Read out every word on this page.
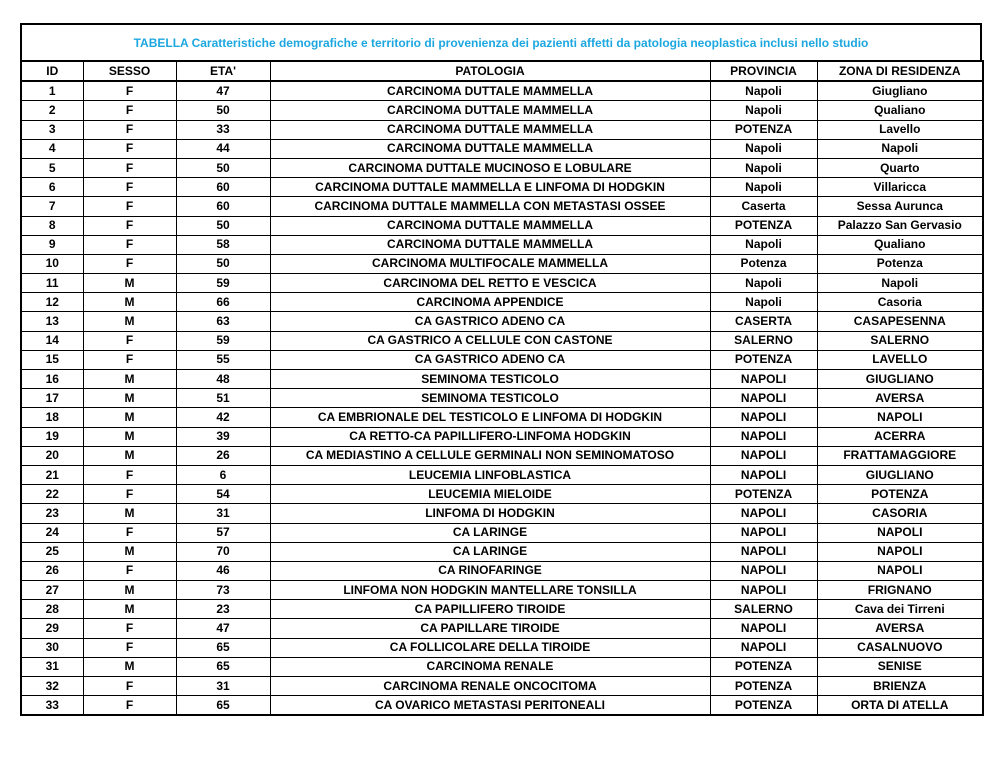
TABELLA Caratteristiche demografiche e territorio di provenienza dei pazienti affetti da patologia neoplastica inclusi nello studio
ID	SESSO	ETA'	PATOLOGIA	PROVINCIA	ZONA DI RESIDENZA
1	F	47	CARCINOMA DUTTALE MAMMELLA	Napoli	Giugliano
2	F	50	CARCINOMA DUTTALE MAMMELLA	Napoli	Qualiano
3	F	33	CARCINOMA DUTTALE MAMMELLA	POTENZA	Lavello
4	F	44	CARCINOMA DUTTALE MAMMELLA	Napoli	Napoli
5	F	50	CARCINOMA DUTTALE MUCINOSO E LOBULARE	Napoli	Quarto
6	F	60	CARCINOMA DUTTALE MAMMELLA E LINFOMA DI HODGKIN	Napoli	Villaricca
7	F	60	CARCINOMA DUTTALE MAMMELLA CON METASTASI OSSEE	Caserta	Sessa Aurunca
8	F	50	CARCINOMA DUTTALE MAMMELLA	POTENZA	Palazzo San Gervasio
9	F	58	CARCINOMA DUTTALE MAMMELLA	Napoli	Qualiano
10	F	50	CARCINOMA MULTIFOCALE MAMMELLA	Potenza	Potenza
11	M	59	CARCINOMA DEL RETTO E VESCICA	Napoli	Napoli
12	M	66	CARCINOMA APPENDICE	Napoli	Casoria
13	M	63	CA GASTRICO ADENO CA	CASERTA	CASAPESENNA
14	F	59	CA GASTRICO A CELLULE CON CASTONE	SALERNO	SALERNO
15	F	55	CA GASTRICO ADENO CA	POTENZA	LAVELLO
16	M	48	SEMINOMA TESTICOLO	NAPOLI	GIUGLIANO
17	M	51	SEMINOMA TESTICOLO	NAPOLI	AVERSA
18	M	42	CA EMBRIONALE DEL TESTICOLO E LINFOMA DI HODGKIN	NAPOLI	NAPOLI
19	M	39	CA RETTO-CA PAPILLIFERO-LINFOMA HODGKIN	NAPOLI	ACERRA
20	M	26	CA MEDIASTINO A CELLULE GERMINALI NON SEMINOMATOSO	NAPOLI	FRATTAMAGGIORE
21	F	6	LEUCEMIA LINFOBLASTICA	NAPOLI	GIUGLIANO
22	F	54	LEUCEMIA MIELOIDE	POTENZA	POTENZA
23	M	31	LINFOMA DI HODGKIN	NAPOLI	CASORIA
24	F	57	CA LARINGE	NAPOLI	NAPOLI
25	M	70	CA LARINGE	NAPOLI	NAPOLI
26	F	46	CA RINOFARINGE	NAPOLI	NAPOLI
27	M	73	LINFOMA NON HODGKIN MANTELLARE TONSILLA	NAPOLI	FRIGNANO
28	M	23	CA PAPILLIFERO TIROIDE	SALERNO	Cava dei Tirreni
29	F	47	CA PAPILLARE TIROIDE	NAPOLI	AVERSA
30	F	65	CA FOLLICOLARE DELLA TIROIDE	NAPOLI	CASALNUOVO
31	M	65	CARCINOMA RENALE	POTENZA	SENISE
32	F	31	CARCINOMA RENALE ONCOCITOMA	POTENZA	BRIENZA
33	F	65	CA OVARICO METASTASI PERITONEALI	POTENZA	ORTA DI ATELLA
